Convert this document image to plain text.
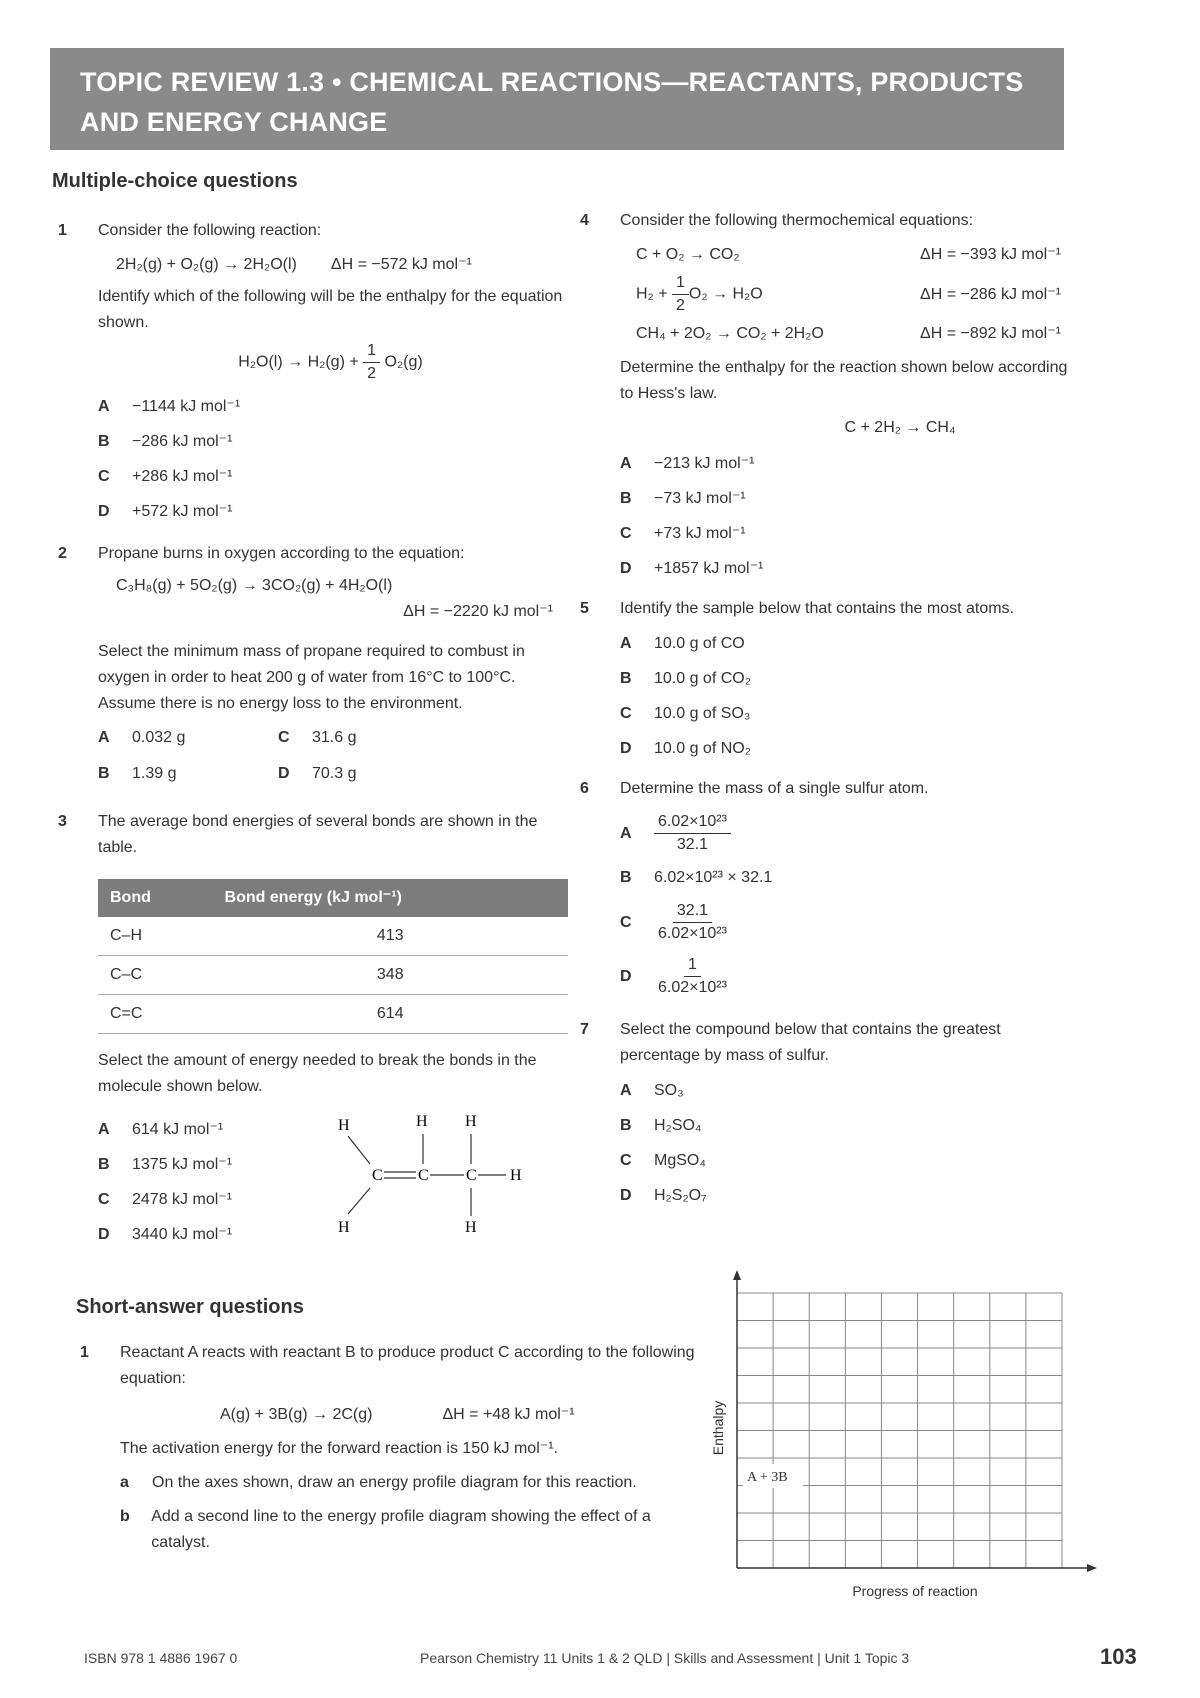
TOPIC REVIEW 1.3 • CHEMICAL REACTIONS—REACTANTS, PRODUCTS
AND ENERGY CHANGE
Multiple-choice questions
1 Consider the following reaction:
2H₂(g) + O₂(g) → 2H₂O(l) ΔH = −572 kJ mol⁻¹
Identify which of the following will be the enthalpy for the equation shown.
$H_2O(l) \to H_2(g) + \frac{1}{2} O_2(g)$
A	−1144 kJ mol⁻¹
B	−286 kJ mol⁻¹
C	+286 kJ mol⁻¹
D	+572 kJ mol⁻¹
2 Propane burns in oxygen according to the equation:
C₃H₈(g) + 5O₂(g) → 3CO₂(g) + 4H₂O(l)
ΔH = −2220 kJ mol⁻¹
Select the minimum mass of propane required to combust in oxygen in order to heat 200 g of water from 16°C to 100°C. Assume there is no energy loss to the environment.
A	0.032 g	C	31.6 g
B	1.39 g	D	70.3 g
3 The average bond energies of several bonds are shown in the table.
Bond	Bond energy (kJ mol⁻¹)
C–H	413
C–C	348
C=C	614
Select the amount of energy needed to break the bonds in the molecule shown below.
A	614 kJ mol⁻¹
B	1375 kJ mol⁻¹
C	2478 kJ mol⁻¹
D	3440 kJ mol⁻¹
H
H
H H
H
H
C C C
4 Consider the following thermochemical equations:
C + O₂ → CO₂	ΔH = −393 kJ mol⁻¹
$H_2 + \frac{1}{2} O_2 \to H_2O$	ΔH = −286 kJ mol⁻¹
CH₄ + 2O₂ → CO₂ + 2H₂O	ΔH = −892 kJ mol⁻¹
Determine the enthalpy for the reaction shown below according to Hess's law.
C + 2H₂ → CH₄
A	−213 kJ mol⁻¹
B	−73 kJ mol⁻¹
C	+73 kJ mol⁻¹
D	+1857 kJ mol⁻¹
5 Identify the sample below that contains the most atoms.
A	10.0 g of CO
B	10.0 g of CO₂
C	10.0 g of SO₃
D	10.0 g of NO₂
6 Determine the mass of a single sulfur atom.
A	$\frac{\text{6.02×10²³}}{32.1}$
B	6.02×10²³ × 32.1
C	$\frac{32.1}{\text{6.02×10²³}}$
D	$\frac{1}{\text{6.02×10²³}}$
7 Select the compound below that contains the greatest percentage by mass of sulfur.
A	SO₃
B	H₂SO₄
C	MgSO₄
D	H₂S₂O₇
Short-answer questions
1 Reactant A reacts with reactant B to produce product C according to the following equation:
A(g) + 3B(g) → 2C(g)	ΔH = +48 kJ mol⁻¹
The activation energy for the forward reaction is 150 kJ mol⁻¹.
a	On the axes shown, draw an energy profile diagram for this reaction.
b	Add a second line to the energy profile diagram showing the effect of a catalyst.
Enthalpy
Progress of reaction
A + 3B
ISBN 978 1 4886 1967 0	Pearson Chemistry 11 Units 1 & 2 QLD | Skills and Assessment | Unit 1 Topic 3	103
